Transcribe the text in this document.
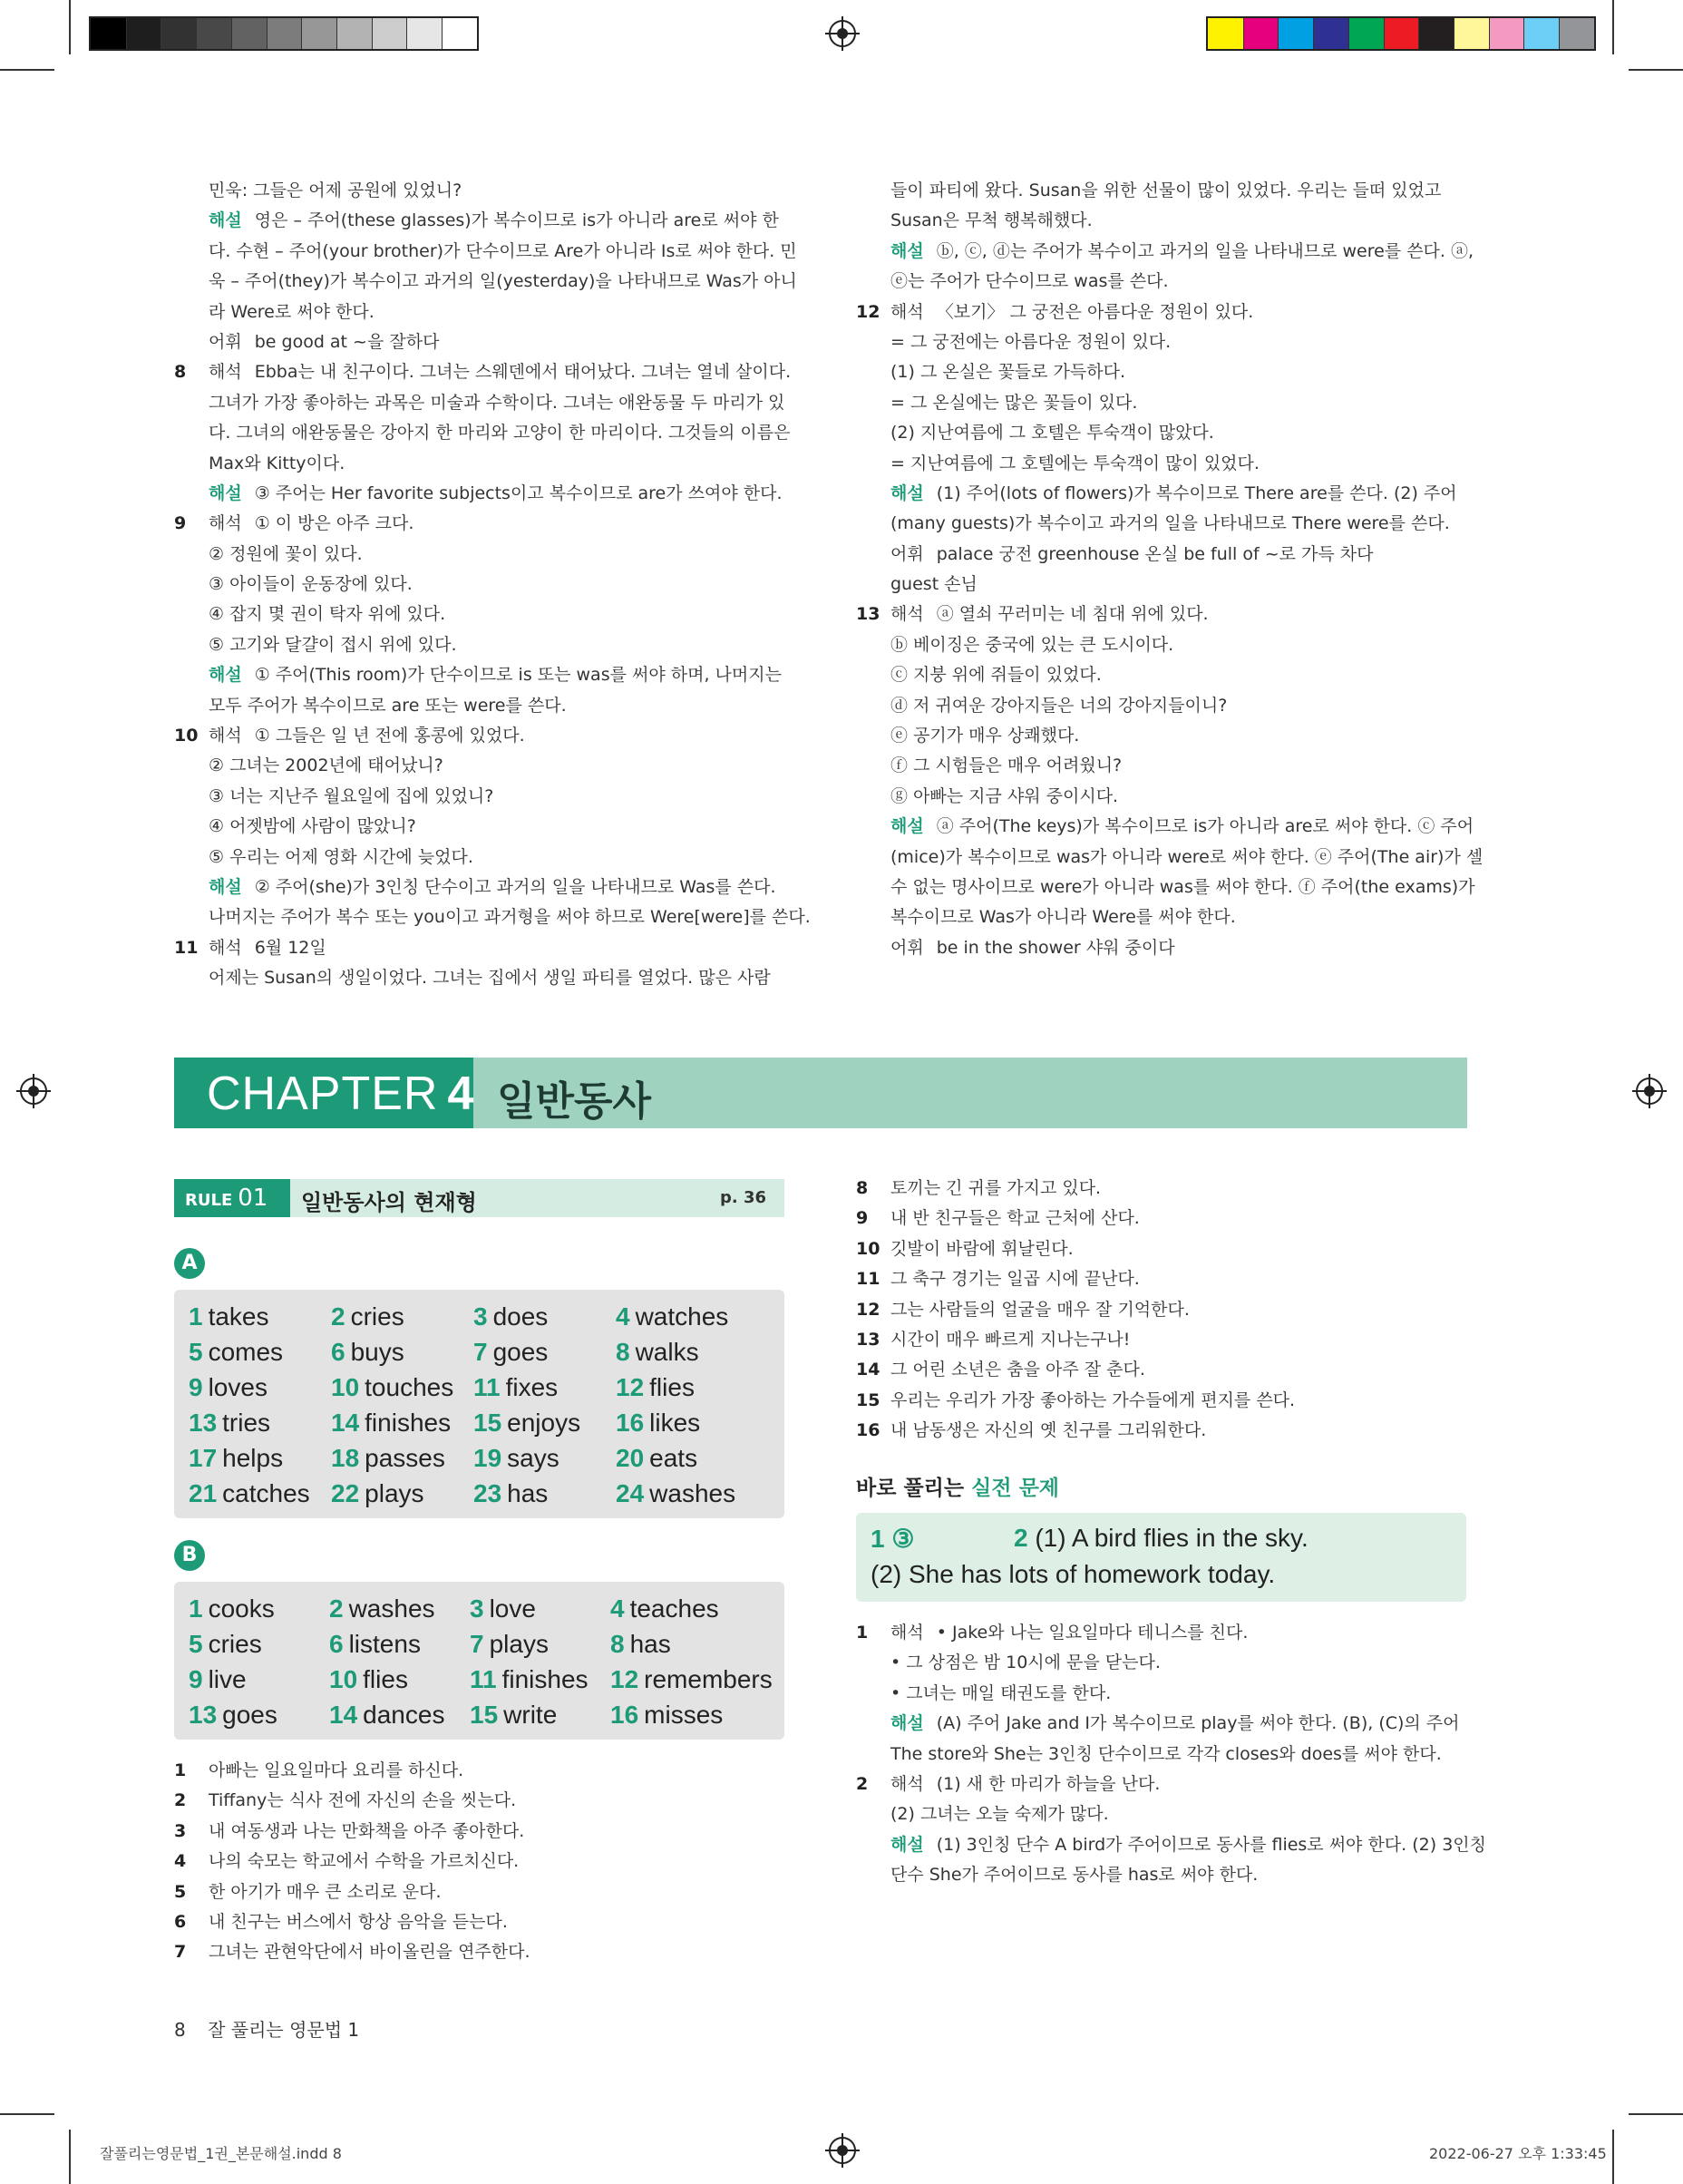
민욱: 그들은 어제 공원에 있었니?
해설 영은 – 주어(these glasses)가 복수이므로 is가 아니라 are로 써야 한
다. 수현 – 주어(your brother)가 단수이므로 Are가 아니라 Is로 써야 한다. 민
욱 – 주어(they)가 복수이고 과거의 일(yesterday)을 나타내므로 Was가 아니
라 Were로 써야 한다.
어휘 be good at ~을 잘하다
8 해석 Ebba는 내 친구이다. 그녀는 스웨덴에서 태어났다. 그녀는 열네 살이다.
그녀가 가장 좋아하는 과목은 미술과 수학이다. 그녀는 애완동물 두 마리가 있
다. 그녀의 애완동물은 강아지 한 마리와 고양이 한 마리이다. 그것들의 이름은
Max와 Kitty이다.
해설 ③ 주어는 Her favorite subjects이고 복수이므로 are가 쓰여야 한다.
9 해석 ① 이 방은 아주 크다.
② 정원에 꽃이 있다.
③ 아이들이 운동장에 있다.
④ 잡지 몇 권이 탁자 위에 있다.
⑤ 고기와 달걀이 접시 위에 있다.
해설 ① 주어(This room)가 단수이므로 is 또는 was를 써야 하며, 나머지는
모두 주어가 복수이므로 are 또는 were를 쓴다.
10 해석 ① 그들은 일 년 전에 홍콩에 있었다.
② 그녀는 2002년에 태어났니?
③ 너는 지난주 월요일에 집에 있었니?
④ 어젯밤에 사람이 많았니?
⑤ 우리는 어제 영화 시간에 늦었다.
해설 ② 주어(she)가 3인칭 단수이고 과거의 일을 나타내므로 Was를 쓴다.
나머지는 주어가 복수 또는 you이고 과거형을 써야 하므로 Were[were]를 쓴다.
11 해석 6월 12일
어제는 Susan의 생일이었다. 그녀는 집에서 생일 파티를 열었다. 많은 사람
들이 파티에 왔다. Susan을 위한 선물이 많이 있었다. 우리는 들떠 있었고
Susan은 무척 행복해했다.
해설 ⓑ, ⓒ, ⓓ는 주어가 복수이고 과거의 일을 나타내므로 were를 쓴다. ⓐ,
ⓔ는 주어가 단수이므로 was를 쓴다.
12 해석 〈보기〉 그 궁전은 아름다운 정원이 있다.
= 그 궁전에는 아름다운 정원이 있다.
(1) 그 온실은 꽃들로 가득하다.
= 그 온실에는 많은 꽃들이 있다.
(2) 지난여름에 그 호텔은 투숙객이 많았다.
= 지난여름에 그 호텔에는 투숙객이 많이 있었다.
해설 (1) 주어(lots of flowers)가 복수이므로 There are를 쓴다. (2) 주어
(many guests)가 복수이고 과거의 일을 나타내므로 There were를 쓴다.
어휘 palace 궁전 greenhouse 온실 be full of ~로 가득 차다
guest 손님
13 해석 ⓐ 열쇠 꾸러미는 네 침대 위에 있다.
ⓑ 베이징은 중국에 있는 큰 도시이다.
ⓒ 지붕 위에 쥐들이 있었다.
ⓓ 저 귀여운 강아지들은 너의 강아지들이니?
ⓔ 공기가 매우 상쾌했다.
ⓕ 그 시험들은 매우 어려웠니?
ⓖ 아빠는 지금 샤워 중이시다.
해설 ⓐ 주어(The keys)가 복수이므로 is가 아니라 are로 써야 한다. ⓒ 주어
(mice)가 복수이므로 was가 아니라 were로 써야 한다. ⓔ 주어(The air)가 셀
수 없는 명사이므로 were가 아니라 was를 써야 한다. ⓕ 주어(the exams)가
복수이므로 Was가 아니라 Were를 써야 한다.
어휘 be in the shower 샤워 중이다
CHAPTER 4 일반동사
RULE 01	일반동사의 현재형	p. 36
A
1 takes	2 cries	3 does	4 watches
5 comes	6 buys	7 goes	8 walks
9 loves	10 touches 11 fixes	12 flies
13 tries	14 finishes 15 enjoys	16 likes
17 helps	18 passes	19 says	20 eats
21 catches 22 plays	23 has	24 washes
B
1 cooks	2 washes	3 love	4 teaches
5 cries	6 listens	7 plays	8 has
9 live	10 flies	11 finishes 12 remembers
13 goes	14 dances 15 write	16 misses
1 아빠는 일요일마다 요리를 하신다.
2 Tiffany는 식사 전에 자신의 손을 씻는다.
3 내 여동생과 나는 만화책을 아주 좋아한다.
4 나의 숙모는 학교에서 수학을 가르치신다.
5 한 아기가 매우 큰 소리로 운다.
6 내 친구는 버스에서 항상 음악을 듣는다.
7 그녀는 관현악단에서 바이올린을 연주한다.
8 토끼는 긴 귀를 가지고 있다.
9 내 반 친구들은 학교 근처에 산다.
10 깃발이 바람에 휘날린다.
11 그 축구 경기는 일곱 시에 끝난다.
12 그는 사람들의 얼굴을 매우 잘 기억한다.
13 시간이 매우 빠르게 지나는구나!
14 그 어린 소년은 춤을 아주 잘 춘다.
15 우리는 우리가 가장 좋아하는 가수들에게 편지를 쓴다.
16 내 남동생은 자신의 옛 친구를 그리워한다.
바로 풀리는 실전 문제
1 ③	2 (1) A bird flies in the sky.
(2) She has lots of homework today.
1 해석 • Jake와 나는 일요일마다 테니스를 친다.
• 그 상점은 밤 10시에 문을 닫는다.
• 그녀는 매일 태권도를 한다.
해설 (A) 주어 Jake and I가 복수이므로 play를 써야 한다. (B), (C)의 주어
The store와 She는 3인칭 단수이므로 각각 closes와 does를 써야 한다.
2 해석 (1) 새 한 마리가 하늘을 난다.
(2) 그녀는 오늘 숙제가 많다.
해설 (1) 3인칭 단수 A bird가 주어이므로 동사를 flies로 써야 한다. (2) 3인칭
단수 She가 주어이므로 동사를 has로 써야 한다.
8 잘 풀리는 영문법 1
잘풀리는영문법_1권_본문해설.indd 8	2022-06-27 오후 1:33:45
